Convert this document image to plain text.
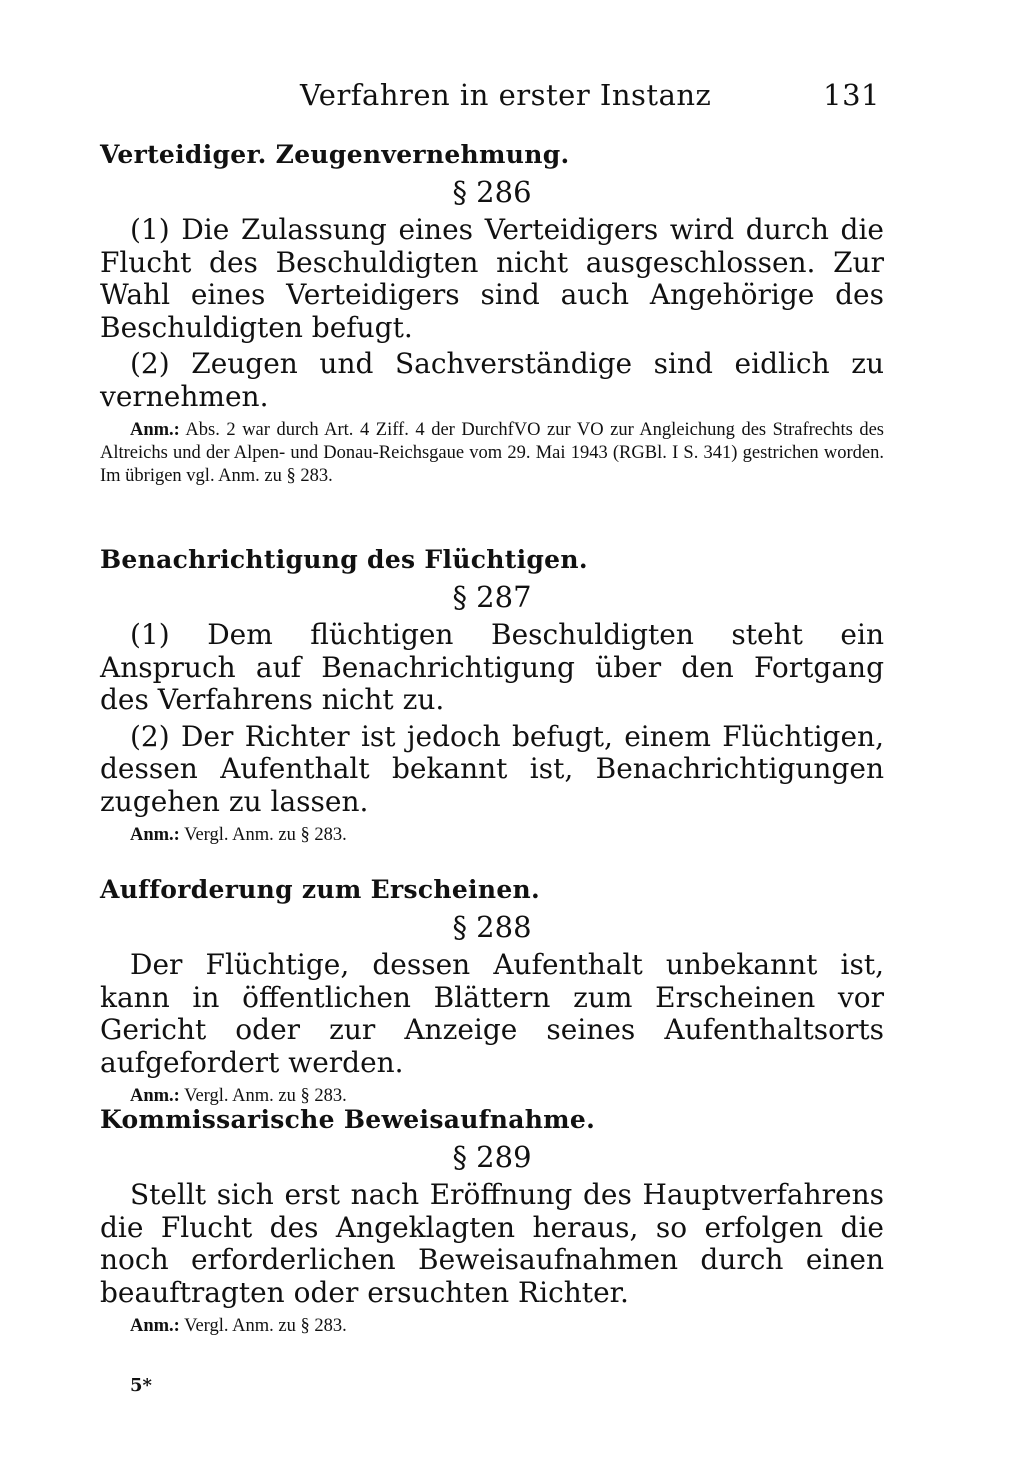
Verfahren in erster Instanz	131
Verteidiger. Zeugenvernehmung.
§ 286

(1) Die Zulassung eines Verteidigers wird durch die Flucht des Beschuldigten nicht ausgeschlossen. Zur Wahl eines Verteidigers sind auch Angehörige des Beschuldigten befugt.

(2) Zeugen und Sachverständige sind eidlich zu vernehmen.

Anm.: Abs. 2 war durch Art. 4 Ziff. 4 der DurchfVO zur VO zur Angleichung des Strafrechts des Altreichs und der Alpen- und Donau-Reichsgaue vom 29. Mai 1943 (RGBl. I S. 341) gestrichen worden. Im übrigen vgl. Anm. zu § 283.

Benachrichtigung des Flüchtigen.
§ 287

(1) Dem flüchtigen Beschuldigten steht ein Anspruch auf Benachrichtigung über den Fortgang des Verfahrens nicht zu.

(2) Der Richter ist jedoch befugt, einem Flüchtigen, dessen Aufenthalt bekannt ist, Benachrichtigungen zugehen zu lassen.

Anm.: Vergl. Anm. zu § 283.

Aufforderung zum Erscheinen.
§ 288

Der Flüchtige, dessen Aufenthalt unbekannt ist, kann in öffentlichen Blättern zum Erscheinen vor Gericht oder zur Anzeige seines Aufenthaltsorts aufgefordert werden.

Anm.: Vergl. Anm. zu § 283.

Kommissarische Beweisaufnahme.
§ 289

Stellt sich erst nach Eröffnung des Hauptverfahrens die Flucht des Angeklagten heraus, so erfolgen die noch erforderlichen Beweisaufnahmen durch einen beauftragten oder ersuchten Richter.

Anm.: Vergl. Anm. zu § 283.

5*
